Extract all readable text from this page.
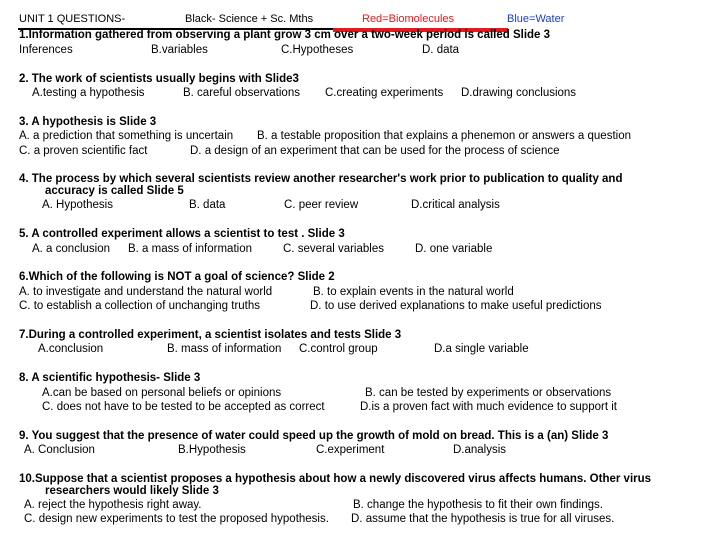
UNIT 1 QUESTIONS-	Black- Science + Sc. Mths	Red=Biomolecules	Blue=Water
1.Information gathered from observing a plant grow 3 cm over a two-week period is called Slide 3
Inferences	B.variables	C.Hypotheses	D. data
2. The work of scientists usually begins with Slide3
A.testing a hypothesis	B. careful observations C.creating experiments D.drawing conclusions
3. A hypothesis is Slide 3
A. a prediction that something is uncertain B. a testable proposition that explains a phenemon or answers a question
C. a proven scientific fact	D. a design of an experiment that can be used for the process of science
4. The process by which several scientists review another researcher's work prior to publication to quality and
accuracy is called Slide 5
A. Hypothesis	B. data	C. peer review	D.critical analysis
5. A controlled experiment allows a scientist to test . Slide 3
A. a conclusion B. a mass of information	C. several variables	D. one variable
6.Which of the following is NOT a goal of science? Slide 2
A. to investigate and understand the natural world	B. to explain events in the natural world
C. to establish a collection of unchanging truths	D. to use derived explanations to make useful predictions
7.During a controlled experiment, a scientist isolates and tests Slide 3
A.conclusion	B. mass of information C.control group	D.a single variable
8. A scientific hypothesis- Slide 3
A.can be based on personal beliefs or opinions	B. can be tested by experiments or observations
C. does not have to be tested to be accepted as correct	D.is a proven fact with much evidence to support it
9. You suggest that the presence of water could speed up the growth of mold on bread. This is a (an) Slide 3
A. Conclusion	B.Hypothesis	C.experiment	D.analysis
10.Suppose that a scientist proposes a hypothesis about how a newly discovered virus affects humans. Other virus
researchers would likely Slide 3
A. reject the hypothesis right away.	B. change the hypothesis to fit their own findings.
C. design new experiments to test the proposed hypothesis. D. assume that the hypothesis is true for all viruses.
